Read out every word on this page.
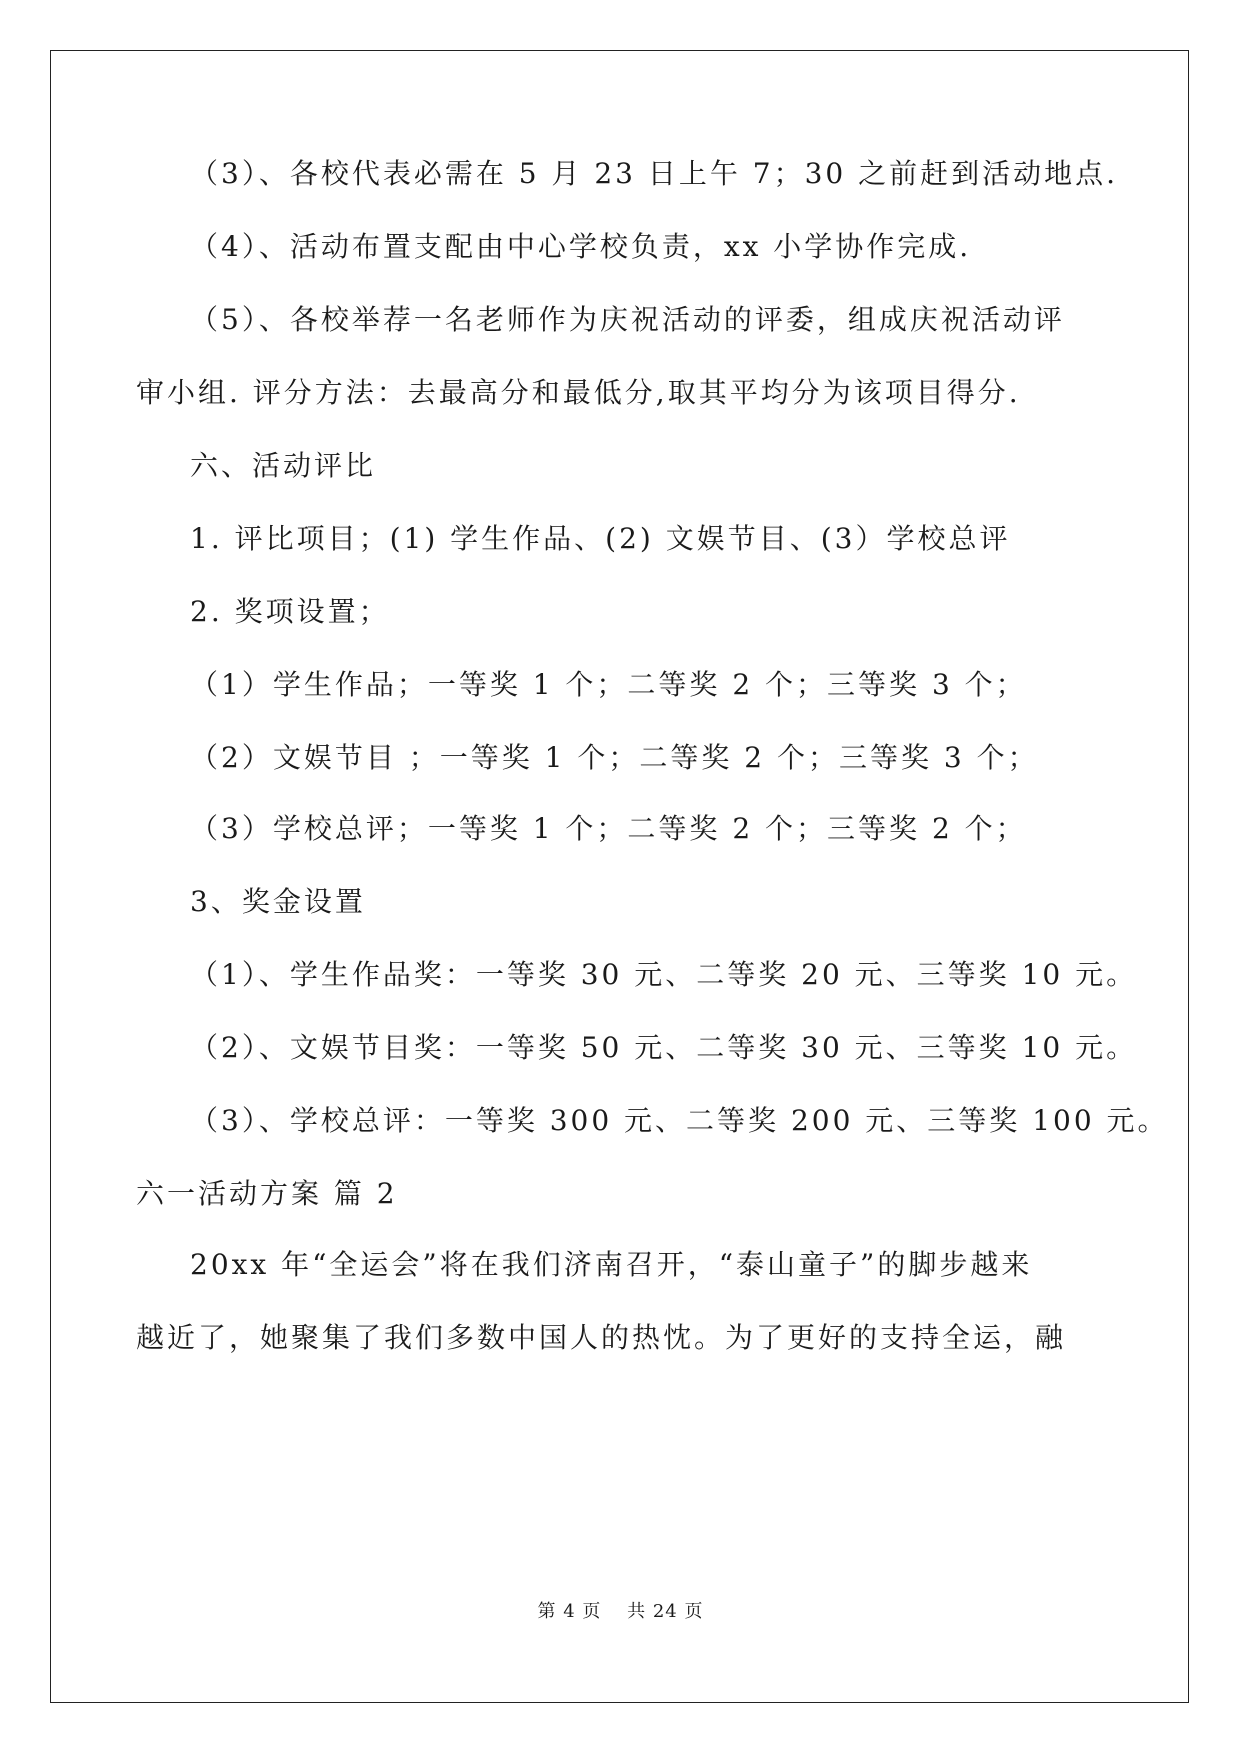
（3）、各校代表必需在 5 月 23 日上午 7；30 之前赶到活动地点.
（4）、活动布置支配由中心学校负责，xx 小学协作完成.
（5）、各校举荐一名老师作为庆祝活动的评委，组成庆祝活动评
审小组. 评分方法：去最高分和最低分,取其平均分为该项目得分.
六、活动评比
1. 评比项目；(1) 学生作品、(2) 文娱节目、(3）学校总评
2. 奖项设置；
（1）学生作品；一等奖 1 个；二等奖 2 个；三等奖 3 个；
（2）文娱节目 ；一等奖 1 个；二等奖 2 个；三等奖 3 个；
（3）学校总评；一等奖 1 个；二等奖 2 个；三等奖 2 个；
3、奖金设置
（1）、学生作品奖：一等奖 30 元、二等奖 20 元、三等奖 10 元。
（2）、文娱节目奖：一等奖 50 元、二等奖 30 元、三等奖 10 元。
（3）、学校总评：一等奖 300 元、二等奖 200 元、三等奖 100 元。
六一活动方案 篇 2
20xx 年“全运会”将在我们济南召开，“泰山童子”的脚步越来
越近了，她聚集了我们多数中国人的热忱。为了更好的支持全运，融
第 4 页　 共 24 页
